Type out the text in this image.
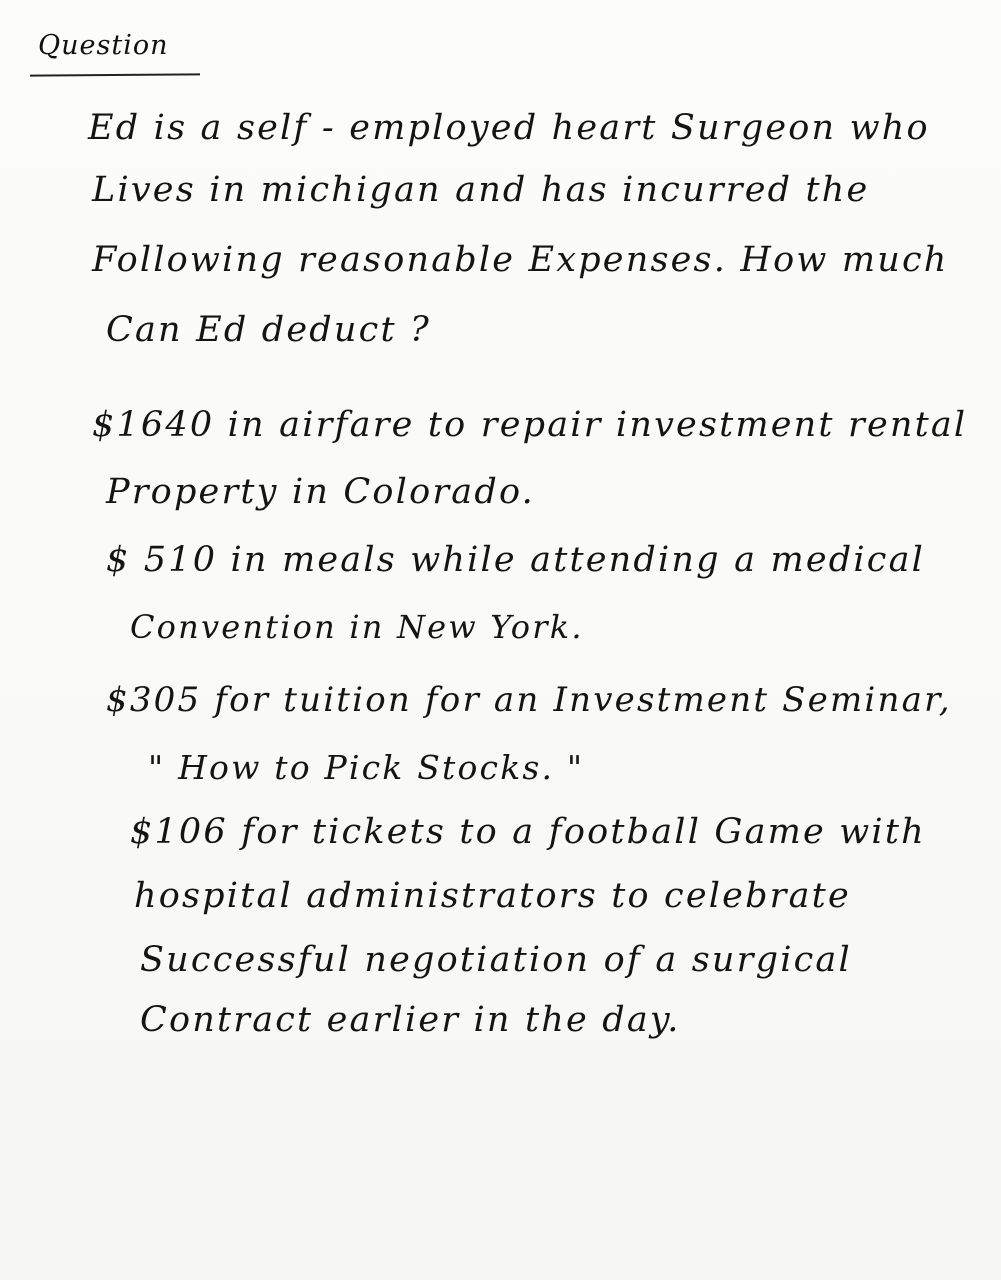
Question
Ed is a self - employed heart Surgeon who
Lives in michigan and has incurred the
Following reasonable Expenses. How much
Can Ed deduct ?
$1640 in airfare to repair investment rental
Property in Colorado.
$ 510 in meals while attending a medical
Convention in New York.
$305 for tuition for an Investment Seminar,
" How to Pick Stocks. "
$106 for tickets to a football Game with
hospital administrators to celebrate
Successful negotiation of a surgical
Contract earlier in the day.
